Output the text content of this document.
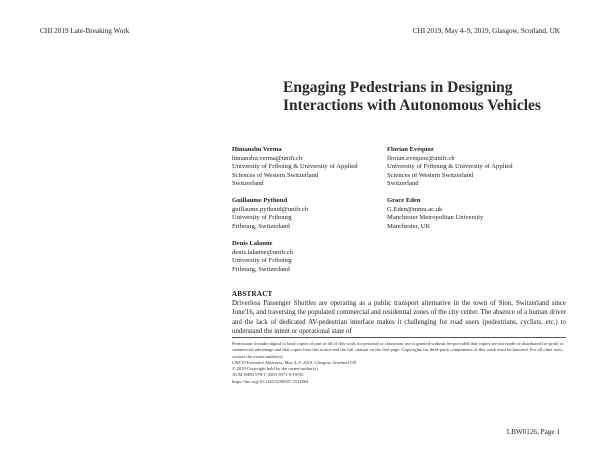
CHI 2019 Late-Breaking Work	CHI 2019, May 4–9, 2019, Glasgow, Scotland, UK
Engaging Pedestrians in Designing Interactions with Autonomous Vehicles
Himanshu Verma
himanshu.verma@unifr.ch
University of Fribourg & University of Applied
Sciences of Western Switzerland
Switzerland
Florian Evéquoz
florian.evequoz@unifr.ch
University of Fribourg & University of Applied
Sciences of Western Switzerland
Switzerland
Guillaume Pythoud
guillaume.pythoud@unifr.ch
University of Fribourg
Fribourg, Switzerland
Grace Eden
G.Eden@mmu.ac.uk
Manchester Metropolitan University
Manchester, UK
Denis Lalanne
denis.lalanne@unifr.ch
University of Fribourg
Fribourg, Switzerland
ABSTRACT
Driverless Passenger Shuttles are operating as a public transport alternative in the town of Sion, Switzerland since June'16, and traversing the populated commercial and residential zones of the city center. The absence of a human driver and the lack of dedicated AV-pedestrian interface makes it challenging for road users (pedestrians, cyclists, etc.) to understand the intent or operational state of
Permission to make digital or hard copies of part or all of this work for personal or classroom use is granted without fee provided that copies are not made or distributed for profit or commercial advantage and that copies bear this notice and the full citation on the first page. Copyrights for third-party components of this work must be honored. For all other uses, contact the owner/author(s).
CHI'19 Extended Abstracts, May 4–9, 2019, Glasgow, Scotland UK
© 2019 Copyright held by the owner/author(s).
ACM ISBN 978-1-4503-5971-9/19/05.
https://doi.org/10.1145/3290607.3312864
LBW0126, Page 1
